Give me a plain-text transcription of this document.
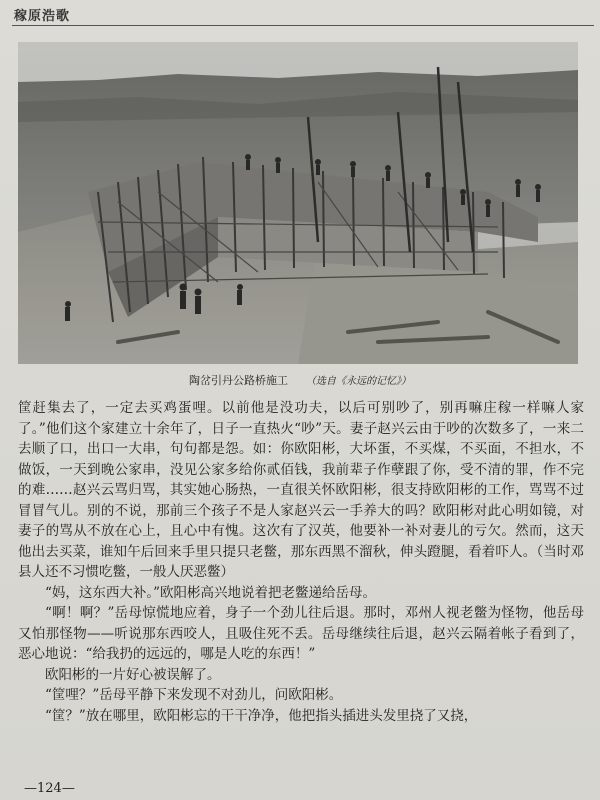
稼原浩歌
陶岔引丹公路桥施工 （选自《永远的记忆》）

筐赶集去了，一定去买鸡蛋哩。以前他是没功夫，以后可别吵了，别再嘛庄稼一样嘛人家了。”他们这个家建立十余年了，日子一直热火“吵”天。妻子赵兴云由于吵的次数多了，一来二去顺了口，出口一大串，句句都是怨。如：你欧阳彬，大坏蛋，不买煤，不买面，不担水，不做饭，一天到晚公家串，没见公家多给你贰佰钱，我前辈子作孽跟了你，受不清的罪，作不完的难……赵兴云骂归骂，其实她心肠热，一直很关怀欧阳彬，很支持欧阳彬的工作，骂骂不过冒冒气儿。别的不说，那前三个孩子不是人家赵兴云一手养大的吗？欧阳彬对此心明如镜，对妻子的骂从不放在心上，且心中有愧。这次有了汉英，他要补一补对妻儿的亏欠。然而，这天他出去买菜，谁知午后回来手里只提只老鳖，那东西黑不溜秋，伸头蹬腿，看着吓人。（当时邓县人还不习惯吃鳖，一般人厌恶鳖）

“妈，这东西大补。”欧阳彬高兴地说着把老鳖递给岳母。

“啊！啊？”岳母惊慌地应着，身子一个劲儿往后退。那时，邓州人视老鳖为怪物，他岳母又怕那怪物——听说那东西咬人，且吸住死不丢。岳母继续往后退，赵兴云隔着帐子看到了，恶心地说：“给我扔的远远的，哪是人吃的东西！”

欧阳彬的一片好心被误解了。

“筐哩？”岳母平静下来发现不对劲儿，问欧阳彬。

“筐？”放在哪里，欧阳彬忘的干干净净，他把指头插进头发里挠了又挠，

—124—
